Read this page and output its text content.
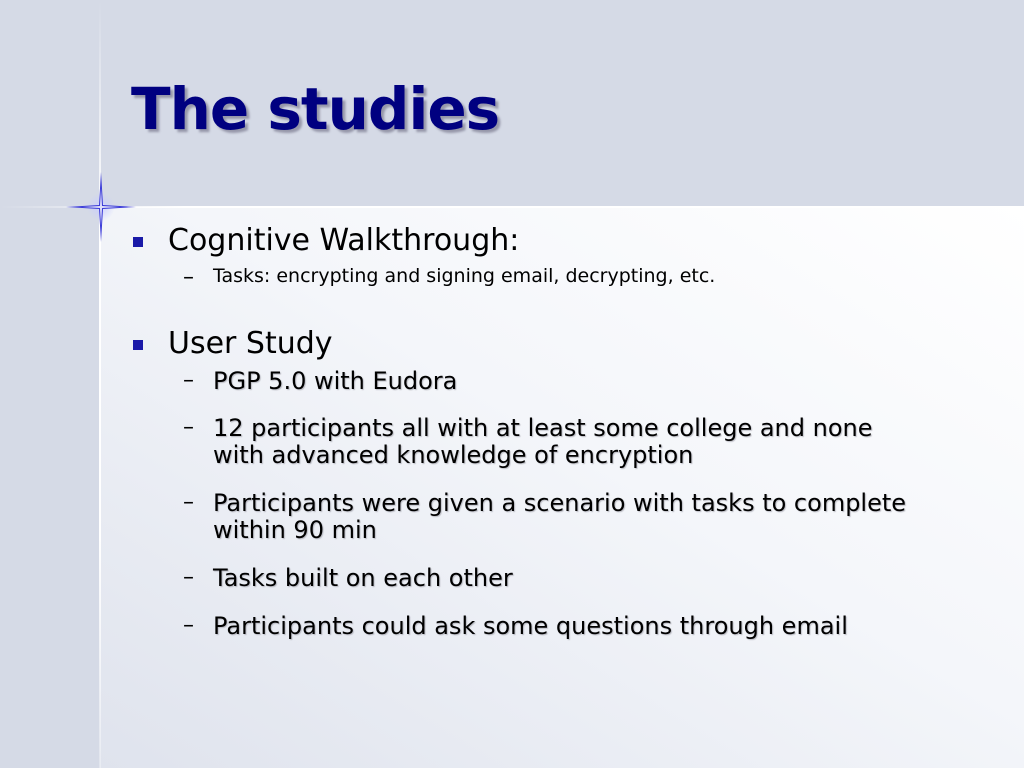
The studies
Cognitive Walkthrough:
– Tasks: encrypting and signing email, decrypting, etc.
User Study
– PGP 5.0 with Eudora
– 12 participants all with at least some college and none
with advanced knowledge of encryption
– Participants were given a scenario with tasks to complete
within 90 min
– Tasks built on each other
– Participants could ask some questions through email
